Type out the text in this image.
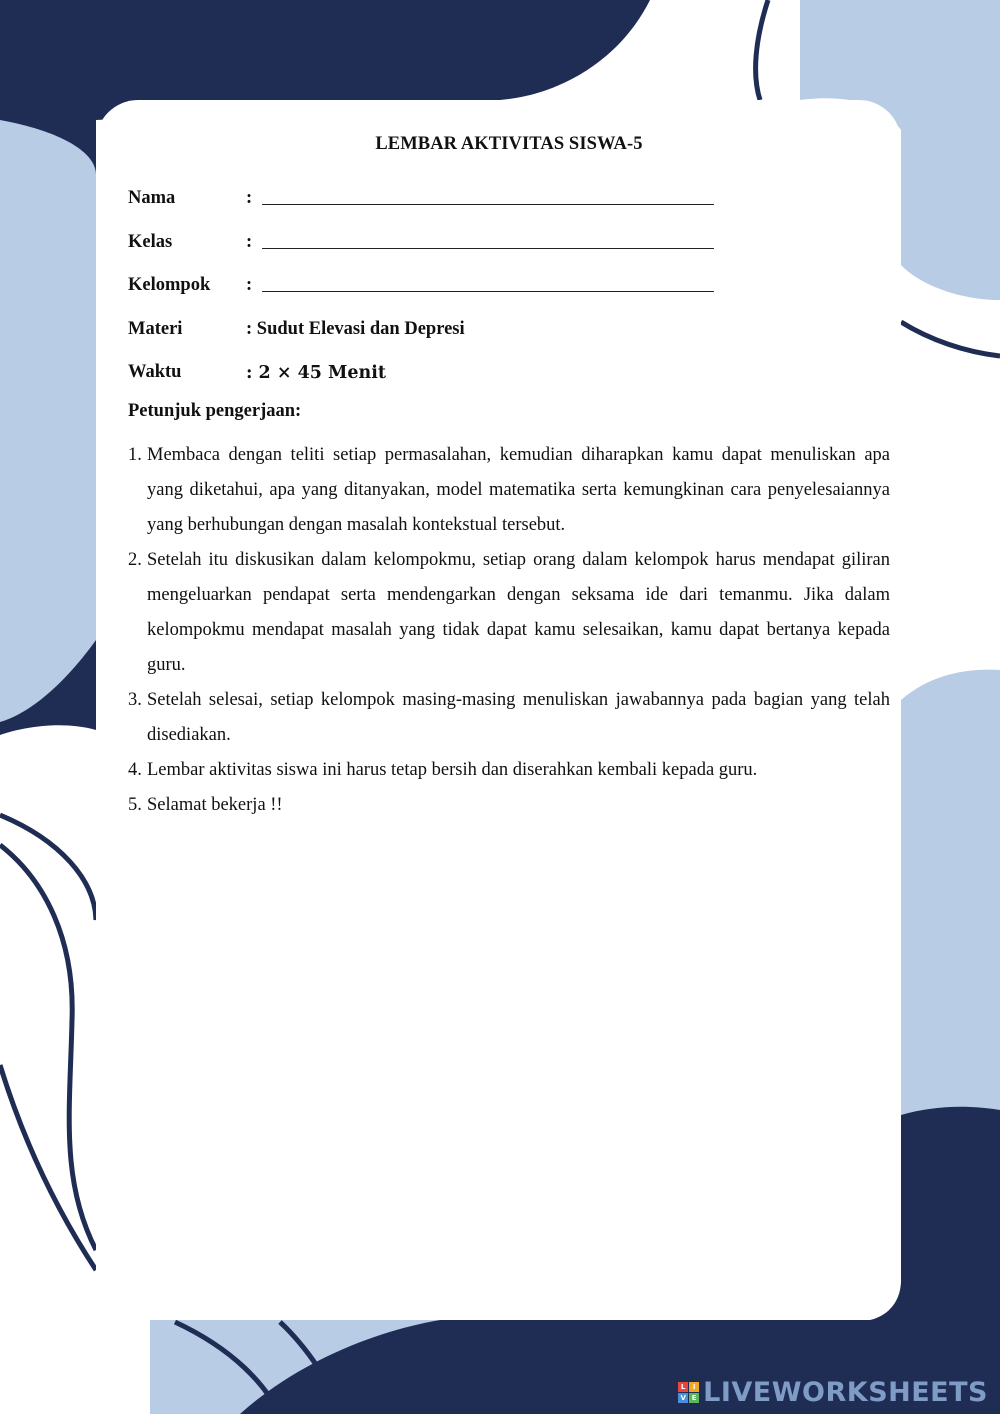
LEMBAR AKTIVITAS SISWA-5
Nama	:
Kelas	:
Kelompok	:
Materi	: Sudut Elevasi dan Depresi
Waktu	: 2 × 45 Menit
Petunjuk pengerjaan:
1. Membaca dengan teliti setiap permasalahan, kemudian diharapkan kamu dapat menuliskan apa yang diketahui, apa yang ditanyakan, model matematika serta kemungkinan cara penyelesaiannya yang berhubungan dengan masalah kontekstual tersebut.
2. Setelah itu diskusikan dalam kelompokmu, setiap orang dalam kelompok harus mendapat giliran mengeluarkan pendapat serta mendengarkan dengan seksama ide dari temanmu. Jika dalam kelompokmu mendapat masalah yang tidak dapat kamu selesaikan, kamu dapat bertanya kepada guru.
3. Setelah selesai, setiap kelompok masing-masing menuliskan jawabannya pada bagian yang telah disediakan.
4. Lembar aktivitas siswa ini harus tetap bersih dan diserahkan kembali kepada guru.
5. Selamat bekerja !!
L	I
V E LIVEWORKSHEETS
